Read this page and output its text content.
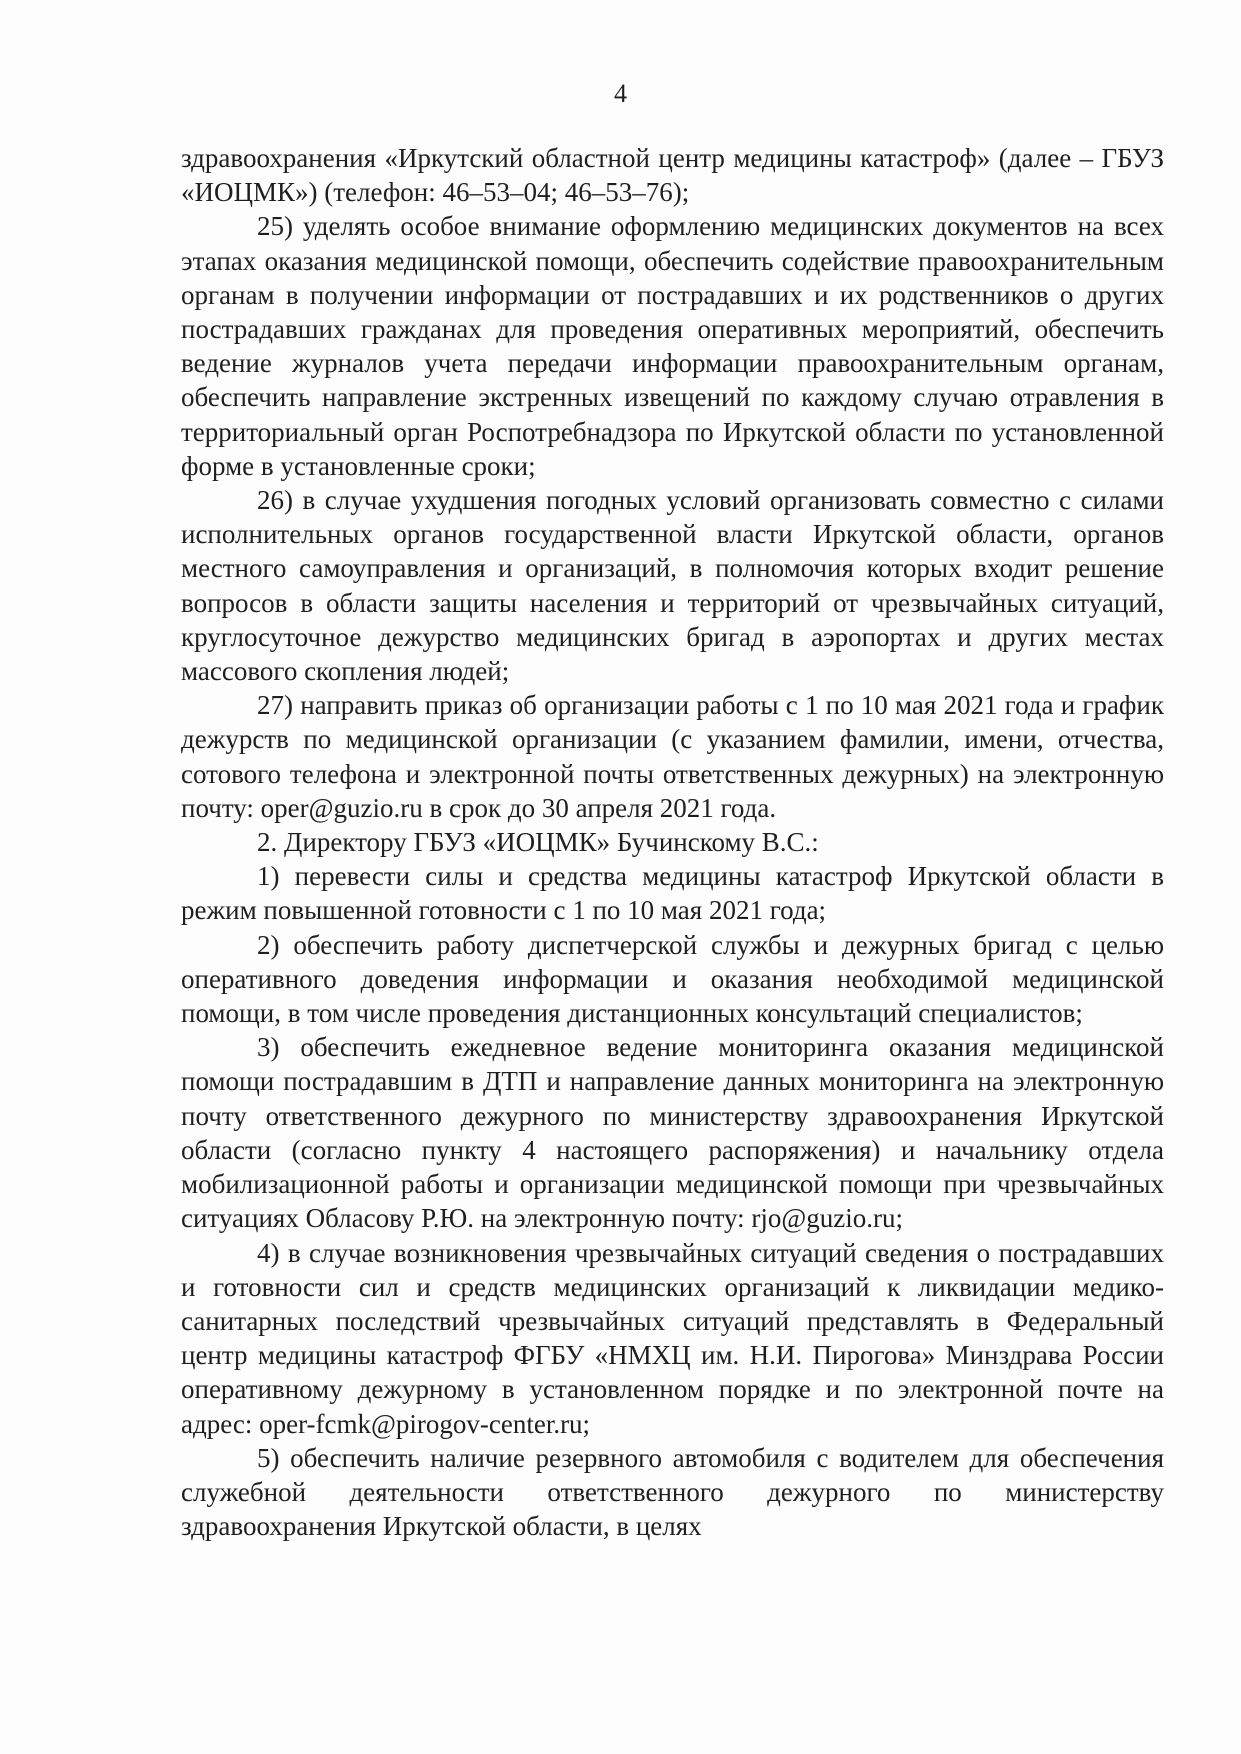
4

здравоохранения «Иркутский областной центр медицины катастроф» (далее – ГБУЗ «ИОЦМК») (телефон: 46–53–04; 46–53–76);

25) уделять особое внимание оформлению медицинских документов на всех этапах оказания медицинской помощи, обеспечить содействие правоохранительным органам в получении информации от пострадавших и их родственников о других пострадавших гражданах для проведения оперативных мероприятий, обеспечить ведение журналов учета передачи информации правоохранительным органам, обеспечить направление экстренных извещений по каждому случаю отравления в территориальный орган Роспотребнадзора по Иркутской области по установленной форме в установленные сроки;

26) в случае ухудшения погодных условий организовать совместно с силами исполнительных органов государственной власти Иркутской области, органов местного самоуправления и организаций, в полномочия которых входит решение вопросов в области защиты населения и территорий от чрезвычайных ситуаций, круглосуточное дежурство медицинских бригад в аэропортах и других местах массового скопления людей;

27) направить приказ об организации работы с 1 по 10 мая 2021 года и график дежурств по медицинской организации (с указанием фамилии, имени, отчества, сотового телефона и электронной почты ответственных дежурных) на электронную почту: oper@guzio.ru в срок до 30 апреля 2021 года.

2. Директору ГБУЗ «ИОЦМК» Бучинскому В.С.:

1) перевести силы и средства медицины катастроф Иркутской области в режим повышенной готовности с 1 по 10 мая 2021 года;

2) обеспечить работу диспетчерской службы и дежурных бригад с целью оперативного доведения информации и оказания необходимой медицинской помощи, в том числе проведения дистанционных консультаций специалистов;

3) обеспечить ежедневное ведение мониторинга оказания медицинской помощи пострадавшим в ДТП и направление данных мониторинга на электронную почту ответственного дежурного по министерству здравоохранения Иркутской области (согласно пункту 4 настоящего распоряжения) и начальнику отдела мобилизационной работы и организации медицинской помощи при чрезвычайных ситуациях Обласову Р.Ю. на электронную почту: rjo@guzio.ru;

4) в случае возникновения чрезвычайных ситуаций сведения о пострадавших и готовности сил и средств медицинских организаций к ликвидации медико-санитарных последствий чрезвычайных ситуаций представлять в Федеральный центр медицины катастроф ФГБУ «НМХЦ им. Н.И. Пирогова» Минздрава России оперативному дежурному в установленном порядке и по электронной почте на адрес: oper-fcmk@pirogov-center.ru;

5) обеспечить наличие резервного автомобиля с водителем для обеспечения служебной деятельности ответственного дежурного по министерству здравоохранения Иркутской области, в целях
